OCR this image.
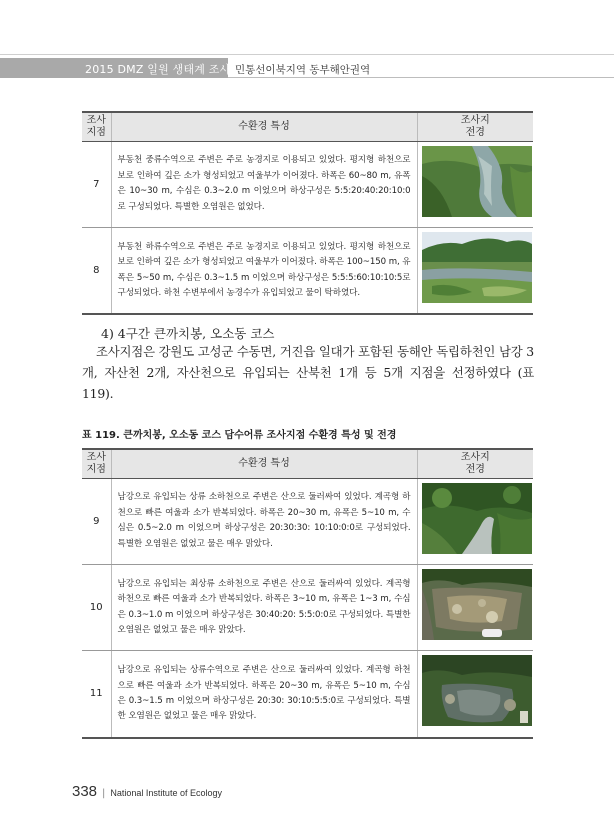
2015 DMZ 일원 생태계 조사 민통선이북지역 동부해안권역
조사
지점	수환경 특성	조사지
전경
7	부동천 중류수역으로 주변은 주로 농경지로 이용되고 있었다. 평지형 하천으로 보로 인하여 깊은 소가 형성되었고 여울부가 이어졌다. 하폭은 60~80 m, 유폭은 10~30 m, 수심은 0.3~2.0 m 이었으며 하상구성은 5:5:20:40:20:10:0로 구성되었다. 특별한 오염원은 없었다.	
8	부동천 하류수역으로 주변은 주로 농경지로 이용되고 있었다. 평지형 하천으로 보로 인하여 깊은 소가 형성되었고 여울부가 이어졌다. 하폭은 100~150 m, 유폭은 5~50 m, 수심은 0.3~1.5 m 이었으며 하상구성은 5:5:5:60:10:10:5로 구성되었다. 하천 수변부에서 농경수가 유입되었고 물이 탁하였다.	
4) 4구간 큰까치봉, 오소동 코스
조사지점은 강원도 고성군 수동면, 거진읍 일대가 포함된 동해안 독립하천인 남강 3개, 자산천 2개, 자산천으로 유입되는 산북천 1개 등 5개 지점을 선정하였다 (표 119).
표 119. 큰까치봉, 오소동 코스 담수어류 조사지점 수환경 특성 및 전경
조사
지점	수환경 특성	조사지
전경
9	남강으로 유입되는 상류 소하천으로 주변은 산으로 둘러싸여 있었다. 계곡형 하천으로 빠른 여울과 소가 반복되었다. 하폭은 20~30 m, 유폭은 5~10 m, 수심은 0.5~2.0 m 이었으며 하상구성은 20:30:30: 10:10:0:0로 구성되었다. 특별한 오염원은 없었고 물은 매우 맑았다.	
10	남강으로 유입되는 최상류 소하천으로 주변은 산으로 둘러싸여 있었다. 계곡형 하천으로 빠른 여울과 소가 반복되었다. 하폭은 3~10 m, 유폭은 1~3 m, 수심은 0.3~1.0 m 이었으며 하상구성은 30:40:20: 5:5:0:0로 구성되었다. 특별한 오염원은 없었고 물은 매우 맑았다.	
11	남강으로 유입되는 상류수역으로 주변은 산으로 둘러싸여 있었다. 계곡형 하천으로 빠른 여울과 소가 반복되었다. 하폭은 20~30 m, 유폭은 5~10 m, 수심은 0.3~1.5 m 이었으며 하상구성은 20:30: 30:10:5:5:0로 구성되었다. 특별한 오염원은 없었고 물은 매우 맑았다.	
338 | National Institute of Ecology
